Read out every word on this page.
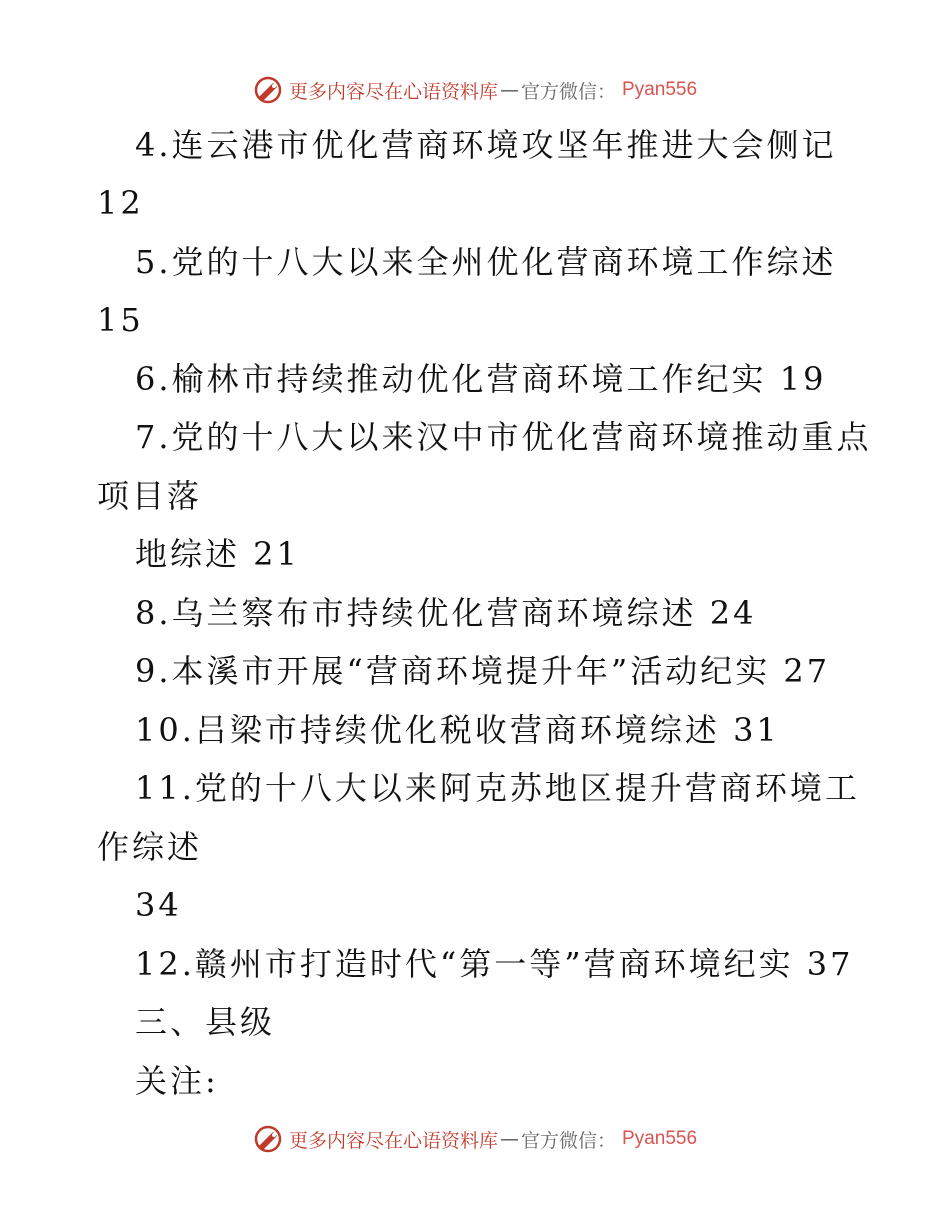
更多内容尽在心语资料库 — 官方微信 ： Pyan556
4.连云港市优化营商环境攻坚年推进大会侧记
12
5.党的十八大以来全州优化营商环境工作综述
15
6.榆林市持续推动优化营商环境工作纪实 19
7.党的十八大以来汉中市优化营商环境推动重点
项目落
地综述 21
8.乌兰察布市持续优化营商环境综述 24
9.本溪市开展“营商环境提升年”活动纪实 27
10.吕梁市持续优化税收营商环境综述 31
11.党的十八大以来阿克苏地区提升营商环境工
作综述
34
12.赣州市打造时代“第一等”营商环境纪实 37
三、县级
关注:
更多内容尽在心语资料库 — 官方微信 ： Pyan556
